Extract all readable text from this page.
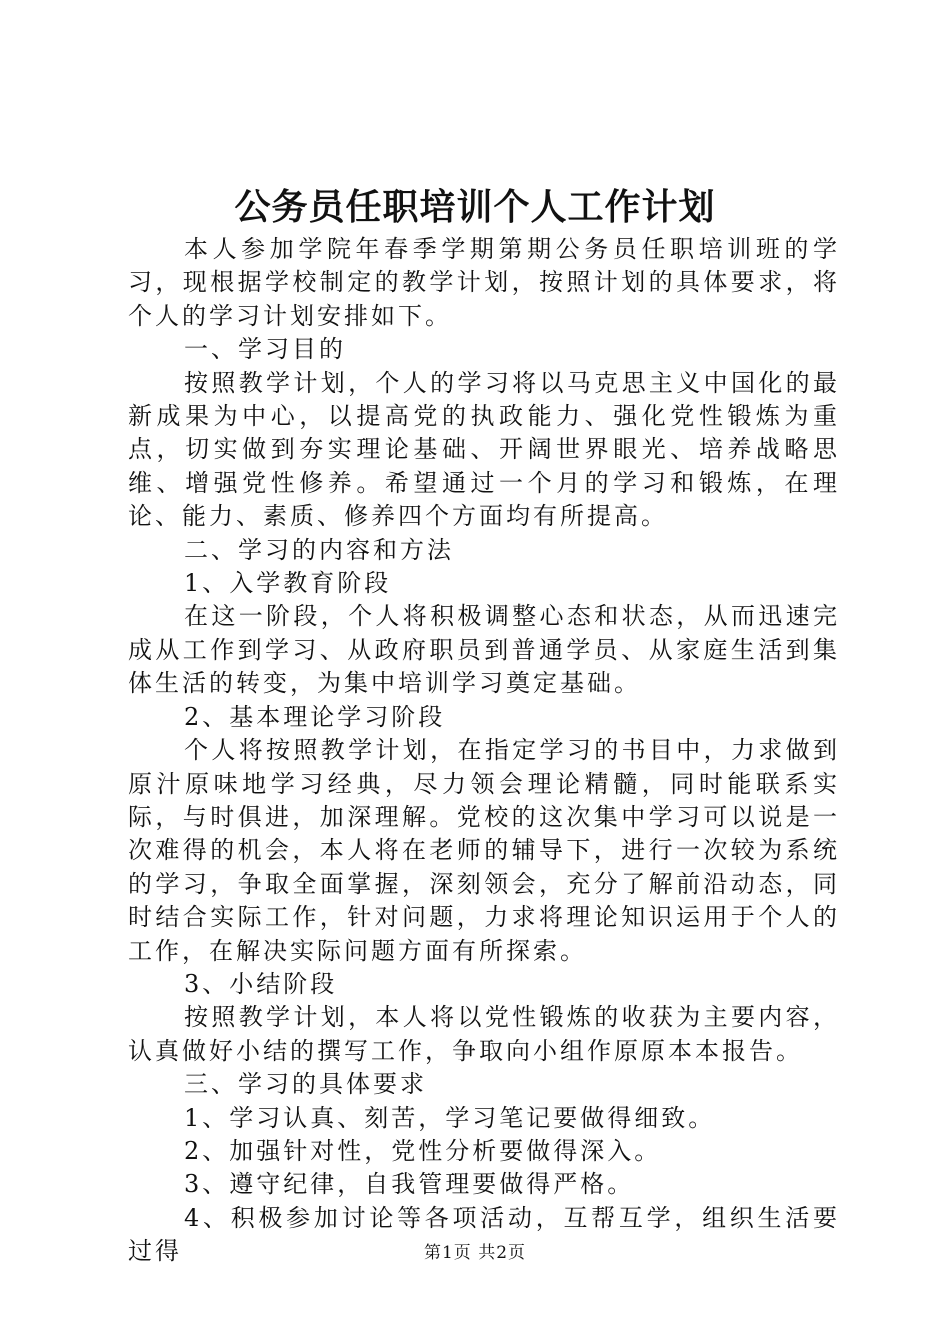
公务员任职培训个人工作计划

本人参加学院年春季学期第期公务员任职培训班的学习，现根据学校制定的教学计划，按照计划的具体要求，将个人的学习计划安排如下。

一、学习目的

按照教学计划，个人的学习将以马克思主义中国化的最新成果为中心，以提高党的执政能力、强化党性锻炼为重点，切实做到夯实理论基础、开阔世界眼光、培养战略思维、增强党性修养。希望通过一个月的学习和锻炼，在理论、能力、素质、修养四个方面均有所提高。

二、学习的内容和方法

1、入学教育阶段

在这一阶段，个人将积极调整心态和状态，从而迅速完成从工作到学习、从政府职员到普通学员、从家庭生活到集体生活的转变，为集中培训学习奠定基础。

2、基本理论学习阶段

个人将按照教学计划，在指定学习的书目中，力求做到原汁原味地学习经典，尽力领会理论精髓，同时能联系实际，与时俱进，加深理解。党校的这次集中学习可以说是一次难得的机会，本人将在老师的辅导下，进行一次较为系统的学习，争取全面掌握，深刻领会，充分了解前沿动态，同时结合实际工作，针对问题，力求将理论知识运用于个人的工作，在解决实际问题方面有所探索。

3、小结阶段

按照教学计划，本人将以党性锻炼的收获为主要内容，认真做好小结的撰写工作，争取向小组作原原本本报告。

三、学习的具体要求

1、学习认真、刻苦，学习笔记要做得细致。

2、加强针对性，党性分析要做得深入。

3、遵守纪律，自我管理要做得严格。

4、积极参加讨论等各项活动，互帮互学，组织生活要过得	第1页 共2页
